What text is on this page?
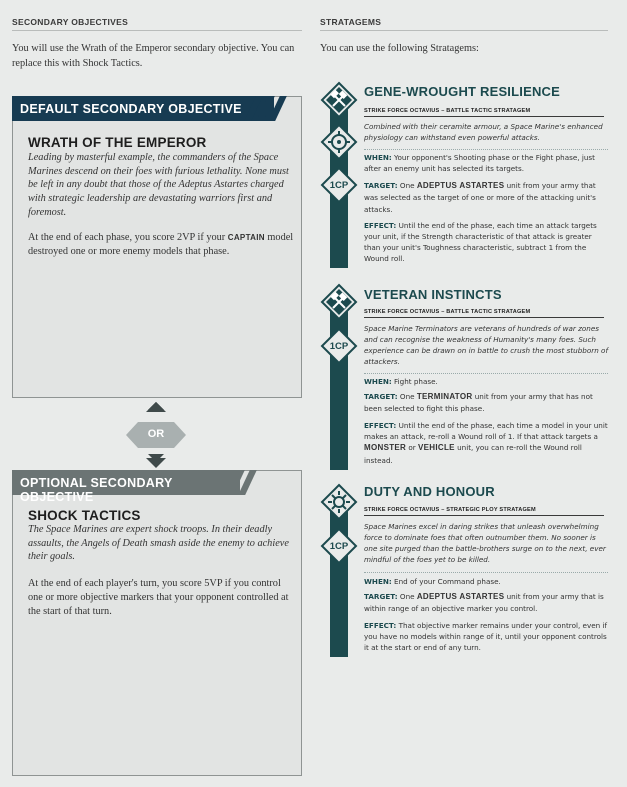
SECONDARY OBJECTIVES
You will use the Wrath of the Emperor secondary objective. You can replace this with Shock Tactics.
DEFAULT SECONDARY OBJECTIVE
WRATH OF THE EMPEROR
Leading by masterful example, the commanders of the Space Marines descend on their foes with furious lethality. None must be left in any doubt that those of the Adeptus Astartes charged with strategic leadership are devastating warriors first and foremost.
At the end of each phase, you score 2VP if your CAPTAIN model destroyed one or more enemy models that phase.
OR
OPTIONAL SECONDARY OBJECTIVE
SHOCK TACTICS
The Space Marines are expert shock troops. In their deadly assaults, the Angels of Death smash aside the enemy to achieve their goals.
At the end of each player's turn, you score 5VP if you control one or more objective markers that your opponent controlled at the start of that turn.
STRATAGEMS
You can use the following Stratagems:
1CP
GENE-WROUGHT RESILIENCE
STRIKE FORCE OCTAVIUS – BATTLE TACTIC STRATAGEM
Combined with their ceramite armour, a Space Marine's enhanced physiology can withstand even powerful attacks.
WHEN: Your opponent's Shooting phase or the Fight phase, just after an enemy unit has selected its targets.
TARGET: One ADEPTUS ASTARTES unit from your army that was selected as the target of one or more of the attacking unit's attacks.
EFFECT: Until the end of the phase, each time an attack targets your unit, if the Strength characteristic of that attack is greater than your unit's Toughness characteristic, subtract 1 from the Wound roll.
1CP
VETERAN INSTINCTS
STRIKE FORCE OCTAVIUS – BATTLE TACTIC STRATAGEM
Space Marine Terminators are veterans of hundreds of war zones and can recognise the weakness of Humanity's many foes. Such experience can be drawn on in battle to crush the most stubborn of attackers.
WHEN: Fight phase.
TARGET: One TERMINATOR unit from your army that has not been selected to fight this phase.
EFFECT: Until the end of the phase, each time a model in your unit makes an attack, re-roll a Wound roll of 1. If that attack targets a MONSTER or VEHICLE unit, you can re-roll the Wound roll instead.
1CP
DUTY AND HONOUR
STRIKE FORCE OCTAVIUS – STRATEGIC PLOY STRATAGEM
Space Marines excel in daring strikes that unleash overwhelming force to dominate foes that often outnumber them. No sooner is one site purged than the battle-brothers surge on to the next, ever mindful of the foes yet to be killed.
WHEN: End of your Command phase.
TARGET: One ADEPTUS ASTARTES unit from your army that is within range of an objective marker you control.
EFFECT: That objective marker remains under your control, even if you have no models within range of it, until your opponent controls it at the start or end of any turn.
